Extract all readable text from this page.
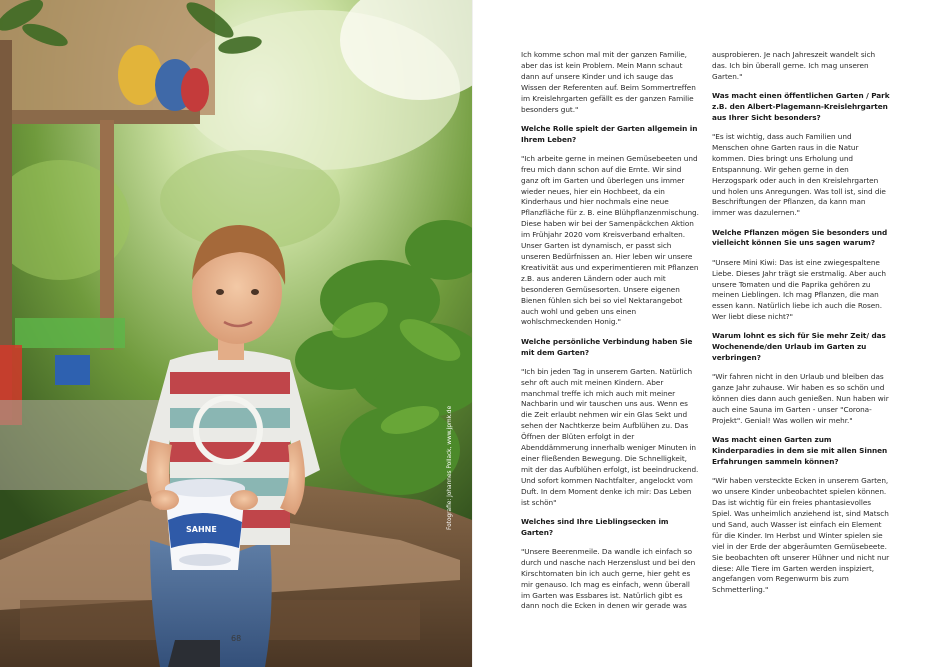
SAHNE	Fotografie: Johannes Pollack, www.jpmk.de
68

Ich komme schon mal mit der ganzen Familie, aber das ist kein Problem. Mein Mann schaut dann auf unsere Kinder und ich sauge das Wissen der Referenten auf. Beim Sommertreffen im Kreislehrgarten gefällt es der ganzen Familie besonders gut."

Welche Rolle spielt der Garten allgemein in Ihrem Leben?

"Ich arbeite gerne in meinen Gemüsebeeten und freu mich dann schon auf die Ernte. Wir sind ganz oft im Garten und überlegen uns immer wieder neues, hier ein Hochbeet, da ein Kinderhaus und hier nochmals eine neue Pflanzfläche für z. B. eine Blühpflanzenmischung. Diese haben wir bei der Samenpäckchen Aktion im Frühjahr 2020 vom Kreisverband erhalten. Unser Garten ist dynamisch, er passt sich unseren Bedürfnissen an. Hier leben wir unsere Kreativität aus und experimentieren mit Pflanzen z.B. aus anderen Ländern oder auch mit besonderen Gemüsesorten. Unsere eigenen Bienen fühlen sich bei so viel Nektarangebot auch wohl und geben uns einen wohlschmeckenden Honig."

Welche persönliche Verbindung haben Sie mit dem Garten?

"Ich bin jeden Tag in unserem Garten. Natürlich sehr oft auch mit meinen Kindern. Aber manchmal treffe ich mich auch mit meiner Nachbarin und wir tauschen uns aus. Wenn es die Zeit erlaubt nehmen wir ein Glas Sekt und sehen der Nachtkerze beim Aufblühen zu. Das Öffnen der Blüten erfolgt in der Abenddämmerung innerhalb weniger Minuten in einer fließenden Bewegung. Die Schnelligkeit, mit der das Aufblühen erfolgt, ist beeindruckend. Und sofort kommen Nachtfalter, angelockt vom Duft. In dem Moment denke ich mir: Das Leben ist schön"

Welches sind Ihre Lieblingsecken im Garten?

"Unsere Beerenmeile. Da wandle ich einfach so durch und nasche nach Herzenslust und bei den Kirschtomaten bin ich auch gerne, hier geht es mir genauso. Ich mag es einfach, wenn überall im Garten was Essbares ist. Natürlich gibt es dann noch die Ecken in denen wir gerade was

ausprobieren. Je nach Jahreszeit wandelt sich das. Ich bin überall gerne. Ich mag unseren Garten."

Was macht einen öffentlichen Garten / Park z.B. den Albert-Plagemann-Kreislehrgarten aus Ihrer Sicht besonders?

"Es ist wichtig, dass auch Familien und Menschen ohne Garten raus in die Natur kommen. Dies bringt uns Erholung und Entspannung. Wir gehen gerne in den Herzogspark oder auch in den Kreislehrgarten und holen uns Anregungen. Was toll ist, sind die Beschriftungen der Pflanzen, da kann man immer was dazulernen."

Welche Pflanzen mögen Sie besonders und vielleicht können Sie uns sagen warum?

"Unsere Mini Kiwi: Das ist eine zwiegespaltene Liebe. Dieses Jahr trägt sie erstmalig. Aber auch unsere Tomaten und die Paprika gehören zu meinen Lieblingen. Ich mag Pflanzen, die man essen kann. Natürlich liebe ich auch die Rosen. Wer liebt diese nicht?"

Warum lohnt es sich für Sie mehr Zeit/ das Wochenende/den Urlaub im Garten zu verbringen?

"Wir fahren nicht in den Urlaub und bleiben das ganze Jahr zuhause. Wir haben es so schön und können dies dann auch genießen. Nun haben wir auch eine Sauna im Garten - unser "Corona-Projekt". Genial! Was wollen wir mehr."

Was macht einen Garten zum Kinderparadies in dem sie mit allen Sinnen Erfahrungen sammeln können?

"Wir haben versteckte Ecken in unserem Garten, wo unsere Kinder unbeobachtet spielen können. Das ist wichtig für ein freies phantasievolles Spiel. Was unheimlich anziehend ist, sind Matsch und Sand, auch Wasser ist einfach ein Element für die Kinder. Im Herbst und Winter spielen sie viel in der Erde der abgeräumten Gemüsebeete. Sie beobachten oft unserer Hühner und nicht nur diese: Alle Tiere im Garten werden inspiziert, angefangen vom Regenwurm bis zum Schmetterling."
